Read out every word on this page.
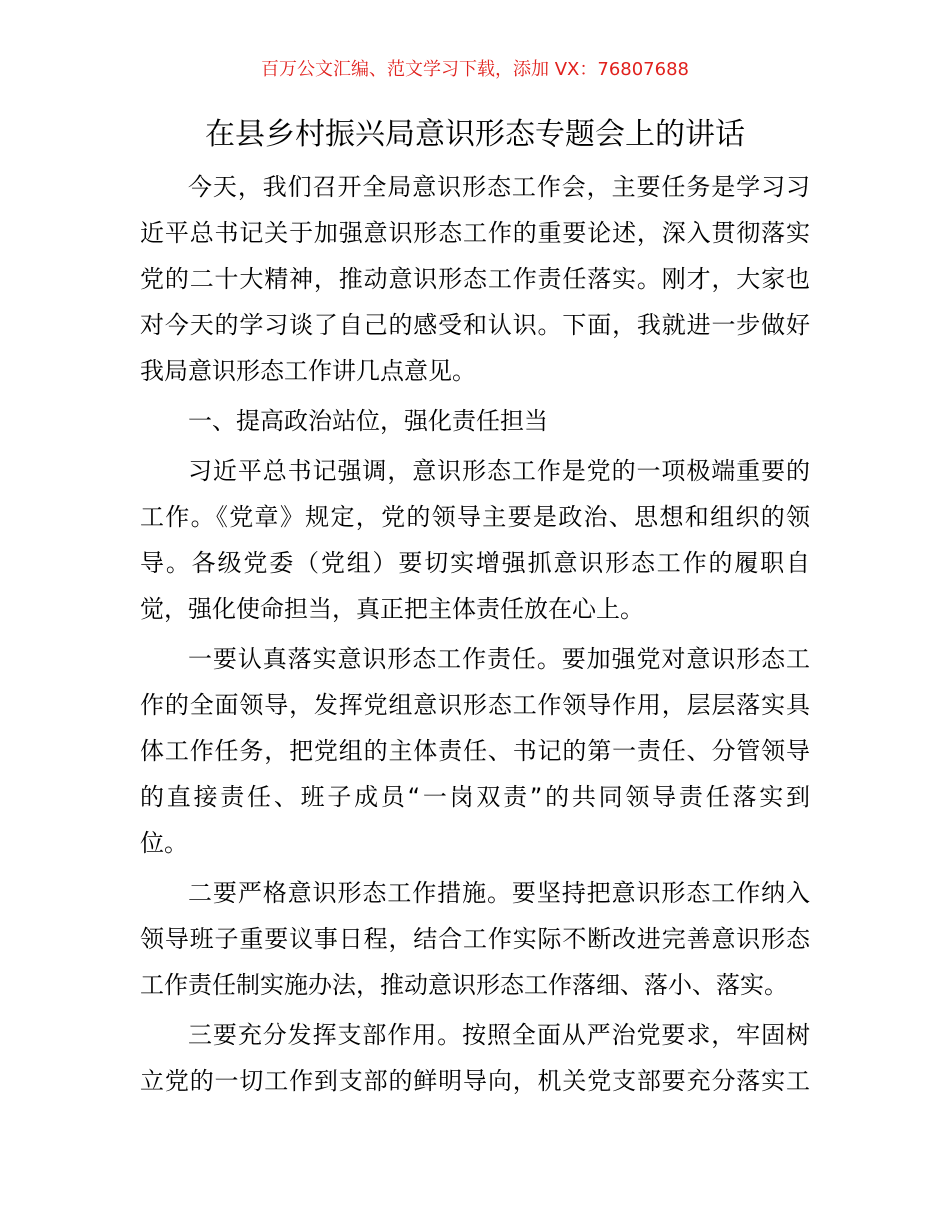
百万公文汇编、范文学习下载，添加 VX：76807688
在县乡村振兴局意识形态专题会上的讲话
今天，我们召开全局意识形态工作会，主要任务是学习习
近平总书记关于加强意识形态工作的重要论述，深入贯彻落实
党的二十大精神，推动意识形态工作责任落实。刚才，大家也
对今天的学习谈了自己的感受和认识。下面，我就进一步做好
我局意识形态工作讲几点意见。
一、提高政治站位，强化责任担当
习近平总书记强调，意识形态工作是党的一项极端重要的
工作。《党章》规定，党的领导主要是政治、思想和组织的领
导。各级党委（党组）要切实增强抓意识形态工作的履职自
觉，强化使命担当，真正把主体责任放在心上。
一要认真落实意识形态工作责任。要加强党对意识形态工
作的全面领导，发挥党组意识形态工作领导作用，层层落实具
体工作任务，把党组的主体责任、书记的第一责任、分管领导
的直接责任、班子成员“一岗双责”的共同领导责任落实到
位。
二要严格意识形态工作措施。要坚持把意识形态工作纳入
领导班子重要议事日程，结合工作实际不断改进完善意识形态
工作责任制实施办法，推动意识形态工作落细、落小、落实。
三要充分发挥支部作用。按照全面从严治党要求，牢固树
立党的一切工作到支部的鲜明导向，机关党支部要充分落实工
